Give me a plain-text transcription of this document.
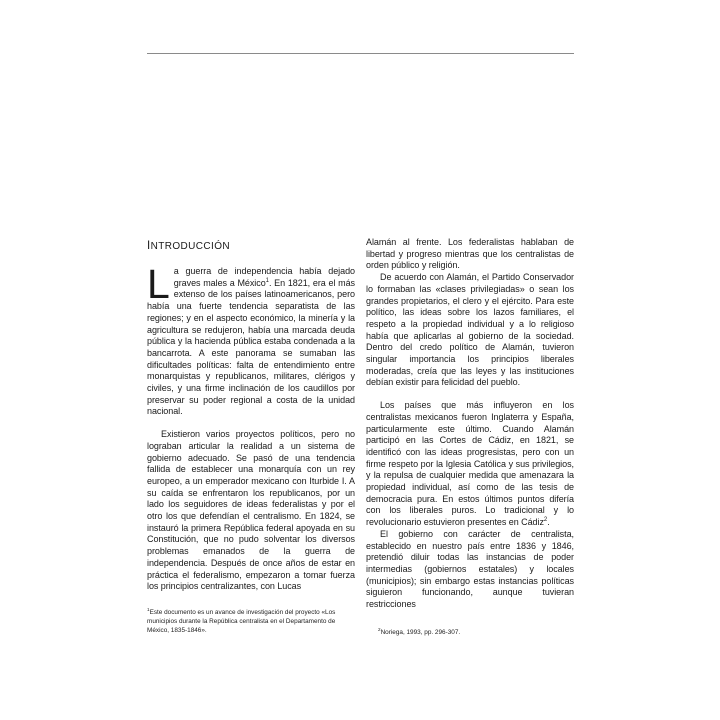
INTRODUCCIÓN

La guerra de independencia había dejado graves males a México$^1$. En 1821, era el más extenso de los países latinoamericanos, pero había una fuerte tendencia separatista de las regiones; y en el aspecto económico, la minería y la agricultura se redujeron, había una marcada deuda pública y la hacienda pública estaba condenada a la bancarrota. A este panorama se sumaban las dificultades políticas: falta de entendimiento entre monarquistas y republicanos, militares, clérigos y civiles, y una firme inclinación de los caudillos por preservar su poder regional a costa de la unidad nacional.

Existieron varios proyectos políticos, pero no lograban articular la realidad a un sistema de gobierno adecuado. Se pasó de una tendencia fallida de establecer una monarquía con un rey europeo, a un emperador mexicano con Iturbide I. A su caída se enfrentaron los republicanos, por un lado los seguidores de ideas federalistas y por el otro los que defendían el centralismo. En 1824, se instauró la primera República federal apoyada en su Constitución, que no pudo solventar los diversos problemas emanados de la guerra de independencia. Después de once años de estar en práctica el federalismo, empezaron a tomar fuerza los principios centralizantes, con Lucas

Alamán al frente. Los federalistas hablaban de libertad y progreso mientras que los centralistas de orden público y religión.

De acuerdo con Alamán, el Partido Conservador lo formaban las «clases privilegiadas» o sean los grandes propietarios, el clero y el ejército. Para este político, las ideas sobre los lazos familiares, el respeto a la propiedad individual y a lo religioso había que aplicarlas al gobierno de la sociedad. Dentro del credo político de Alamán, tuvieron singular importancia los principios liberales moderadas, creía que las leyes y las instituciones debían existir para felicidad del pueblo.

Los países que más influyeron en los centralistas mexicanos fueron Inglaterra y España, particularmente este último. Cuando Alamán participó en las Cortes de Cádiz, en 1821, se identificó con las ideas progresistas, pero con un firme respeto por la Iglesia Católica y sus privilegios, y la repulsa de cualquier medida que amenazara la propiedad individual, así como de las tesis de democracia pura. En estos últimos puntos difería con los liberales puros. Lo tradicional y lo revolucionario estuvieron presentes en Cádiz$^2$.

El gobierno con carácter de centralista, establecido en nuestro país entre 1836 y 1846, pretendió diluir todas las instancias de poder intermedias (gobiernos estatales) y locales (municipios); sin embargo estas instancias políticas siguieron funcionando, aunque tuvieran restricciones

$^1$Este documento es un avance de investigación del proyecto «Los municipios durante la República centralista en el Departamento de México, 1835-1846».	$^2$Noriega, 1993, pp. 296-307.
